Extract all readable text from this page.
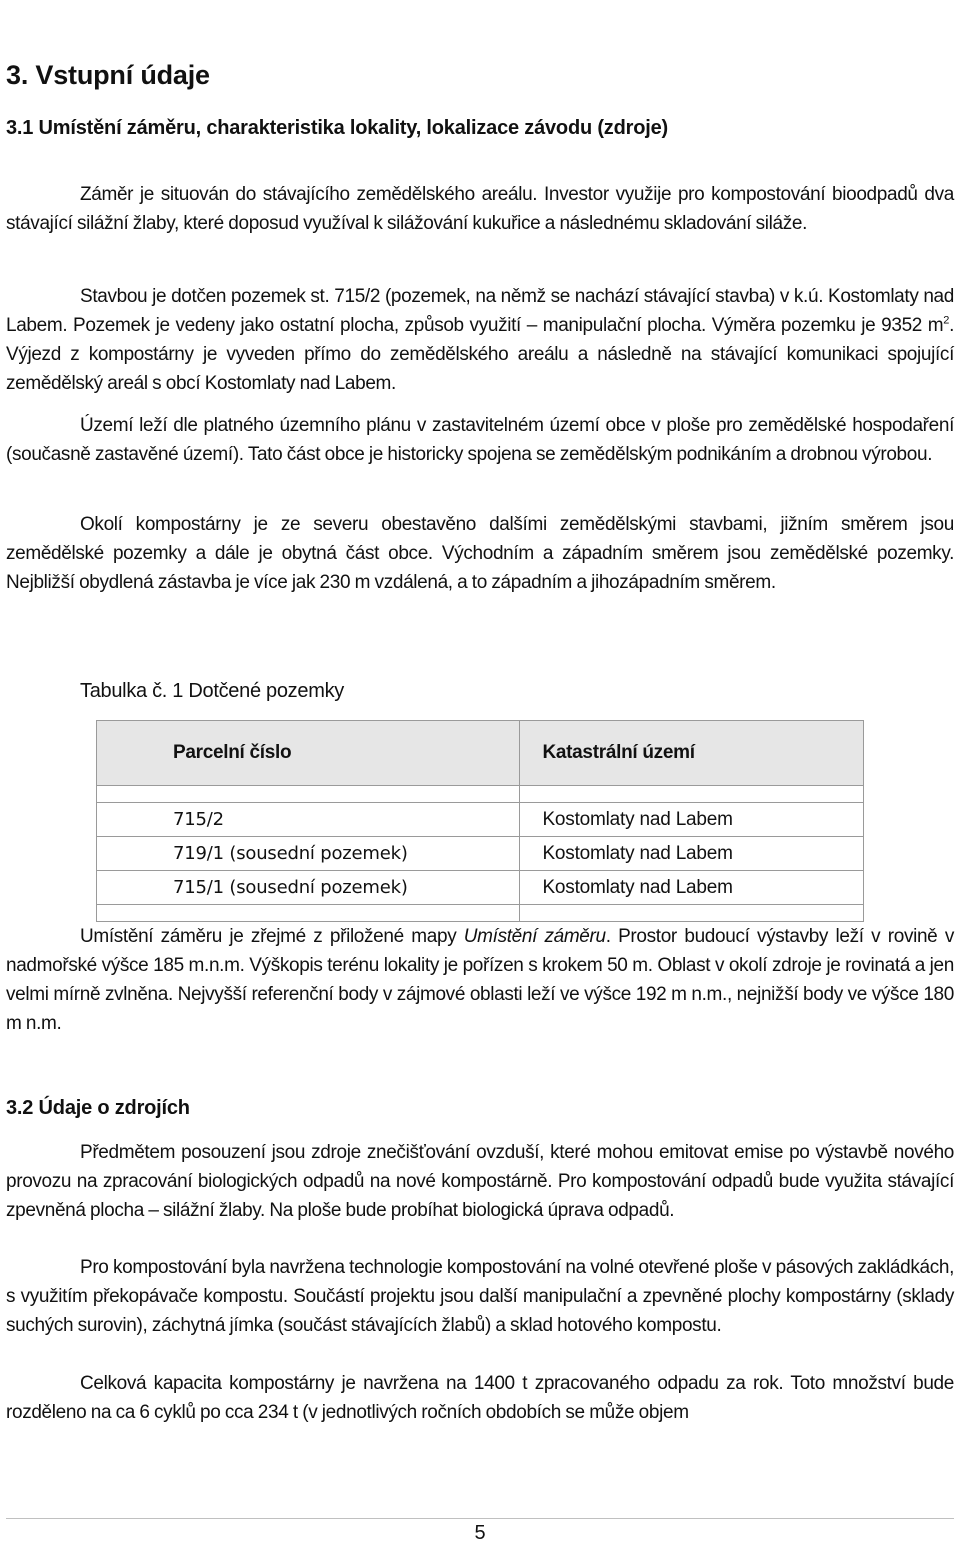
3. Vstupní údaje
3.1 Umístění záměru, charakteristika lokality, lokalizace závodu (zdroje)

Záměr je situován do stávajícího zemědělského areálu. Investor využije pro kompostování bioodpadů dva stávající silážní žlaby, které doposud využíval k silážování kukuřice a následnému skladování siláže.

Stavbou je dotčen pozemek st. 715/2 (pozemek, na němž se nachází stávající stavba) v k.ú. Kostomlaty nad Labem. Pozemek je vedeny jako ostatní plocha, způsob využití – manipulační plocha. Výměra pozemku je 9352 $m^2$. Výjezd z kompostárny je vyveden přímo do zemědělského areálu a následně na stávající komunikaci spojující zemědělský areál s obcí Kostomlaty nad Labem.

Území leží dle platného územního plánu v zastavitelném území obce v ploše pro zemědělské hospodaření (současně zastavěné území). Tato část obce je historicky spojena se zemědělským podnikáním a drobnou výrobou.

Okolí kompostárny je ze severu obestavěno dalšími zemědělskými stavbami, jižním směrem jsou zemědělské pozemky a dále je obytná část obce. Východním a západním směrem jsou zemědělské pozemky. Nejbližší obydlená zástavba je více jak 230 m vzdálená, a to západním a jihozápadním směrem.

Tabulka č. 1 Dotčené pozemky

Parcelní číslo	Katastrální území

715/2	Kostomlaty nad Labem
719/1 (sousední pozemek)	Kostomlaty nad Labem
715/1 (sousední pozemek)	Kostomlaty nad Labem

Umístění záměru je zřejmé z přiložené mapy Umístění záměru. Prostor budoucí výstavby leží v rovině v nadmořské výšce 185 m.n.m. Výškopis terénu lokality je pořízen s krokem 50 m. Oblast v okolí zdroje je rovinatá a jen velmi mírně zvlněna. Nejvyšší referenční body v zájmové oblasti leží ve výšce 192 m n.m., nejnižší body ve výšce 180 m n.m.

3.2 Údaje o zdrojích

Předmětem posouzení jsou zdroje znečišťování ovzduší, které mohou emitovat emise po výstavbě nového provozu na zpracování biologických odpadů na nové kompostárně. Pro kompostování odpadů bude využita stávající zpevněná plocha – silážní žlaby. Na ploše bude probíhat biologická úprava odpadů.

Pro kompostování byla navržena technologie kompostování na volné otevřené ploše v pásových zakládkách, s využitím překopávače kompostu. Součástí projektu jsou další manipulační a zpevněné plochy kompostárny (sklady suchých surovin), záchytná jímka (součást stávajících žlabů) a sklad hotového kompostu.

Celková kapacita kompostárny je navržena na 1400 t zpracovaného odpadu za rok. Toto množství bude rozděleno na ca 6 cyklů po cca 234 t (v jednotlivých ročních obdobích se může objem

5
